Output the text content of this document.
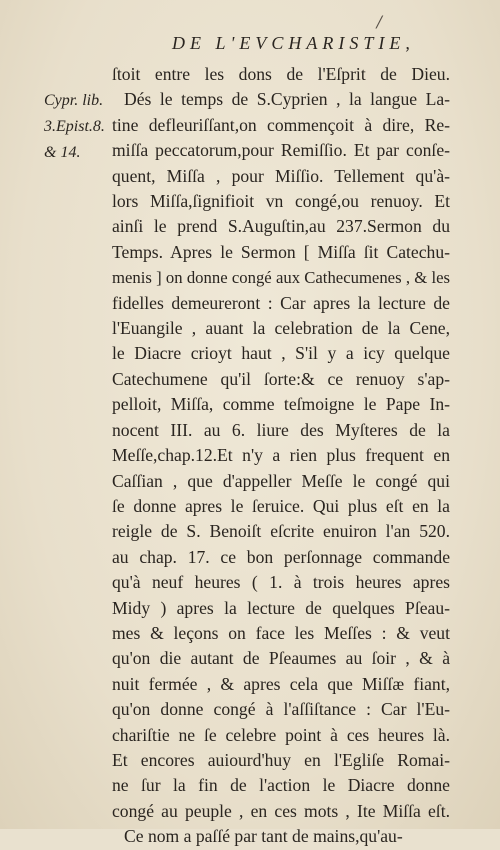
/
DE L'EVCHARISTIE,
Cypr. lib.
3.Epist.8.
& 14.
ſtoit entre les dons de l'Eſprit de Dieu.
Dés le temps de S.Cyprien , la langue La-
tine defleuriſſant,on commençoit à dire, Re-
miſſa peccatorum,pour Remiſſio. Et par conſe-
quent, Miſſa , pour Miſſio. Tellement qu'à-
lors Miſſa,ſignifioit vn congé,ou renuoy. Et
ainſi le prend S.Auguſtin,au 237.Sermon du
Temps. Apres le Sermon [ Miſſa ſit Catechu-
menis ] on donne congé aux Cathecumenes , & les
fidelles demeureront : Car apres la lecture de
l'Euangile , auant la celebration de la Cene,
le Diacre crioyt haut , S'il y a icy quelque
Catechumene qu'il ſorte:& ce renuoy s'ap-
pelloit, Miſſa, comme teſmoigne le Pape In-
nocent III. au 6. liure des Myſteres de la
Meſſe,chap.12.Et n'y a rien plus frequent en
Caſſian , que d'appeller Meſſe le congé qui
ſe donne apres le ſeruice. Qui plus eſt en la
reigle de S. Benoiſt eſcrite enuiron l'an 520.
au chap. 17. ce bon perſonnage commande
qu'à neuf heures ( 1. à trois heures apres
Midy ) apres la lecture de quelques Pſeau-
mes & leçons on face les Meſſes : & veut
qu'on die autant de Pſeaumes au ſoir , & à
nuit fermée , & apres cela que Miſſæ fiant,
qu'on donne congé à l'aſſiſtance : Car l'Eu-
chariſtie ne ſe celebre point à ces heures là.
Et encores auiourd'huy en l'Egliſe Romai-
ne ſur la fin de l'action le Diacre donne
congé au peuple , en ces mots , Ite Miſſa eſt.
Ce nom a paſſé par tant de mains,qu'au-
